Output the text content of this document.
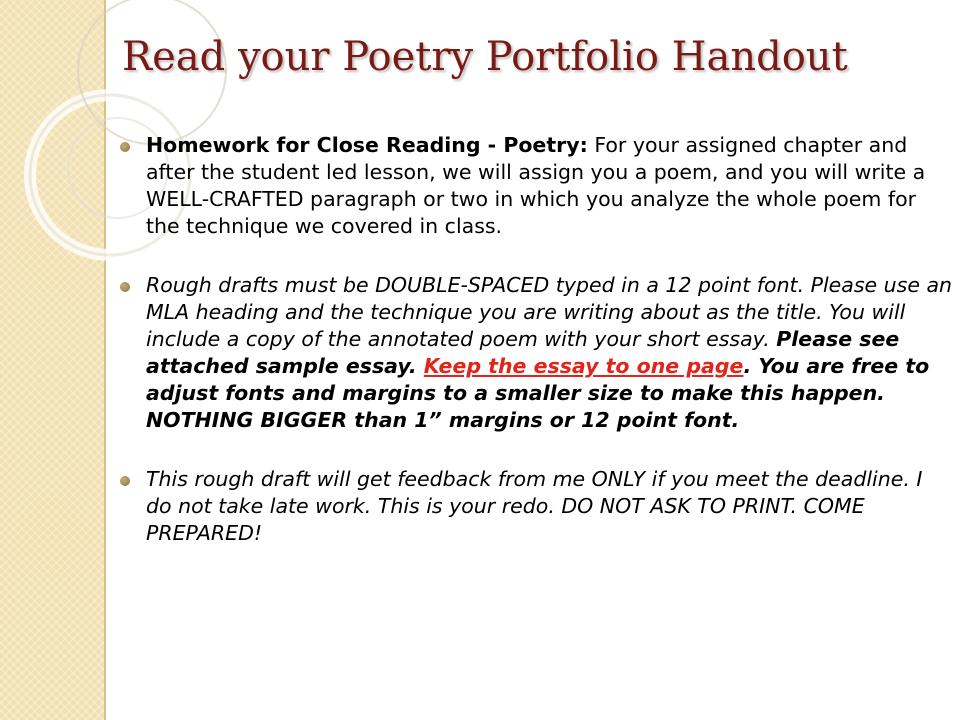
Read your Poetry Portfolio Handout
Homework for Close Reading - Poetry: For your assigned chapter and after the student led lesson, we will assign you a poem, and you will write a WELL-CRAFTED paragraph or two in which you analyze the whole poem for the technique we covered in class.
Rough drafts must be DOUBLE-SPACED typed in a 12 point font. Please use an MLA heading and the technique you are writing about as the title. You will include a copy of the annotated poem with your short essay. Please see attached sample essay. Keep the essay to one page. You are free to adjust fonts and margins to a smaller size to make this happen. NOTHING BIGGER than 1” margins or 12 point font.
This rough draft will get feedback from me ONLY if you meet the deadline. I do not take late work. This is your redo. DO NOT ASK TO PRINT. COME PREPARED!
